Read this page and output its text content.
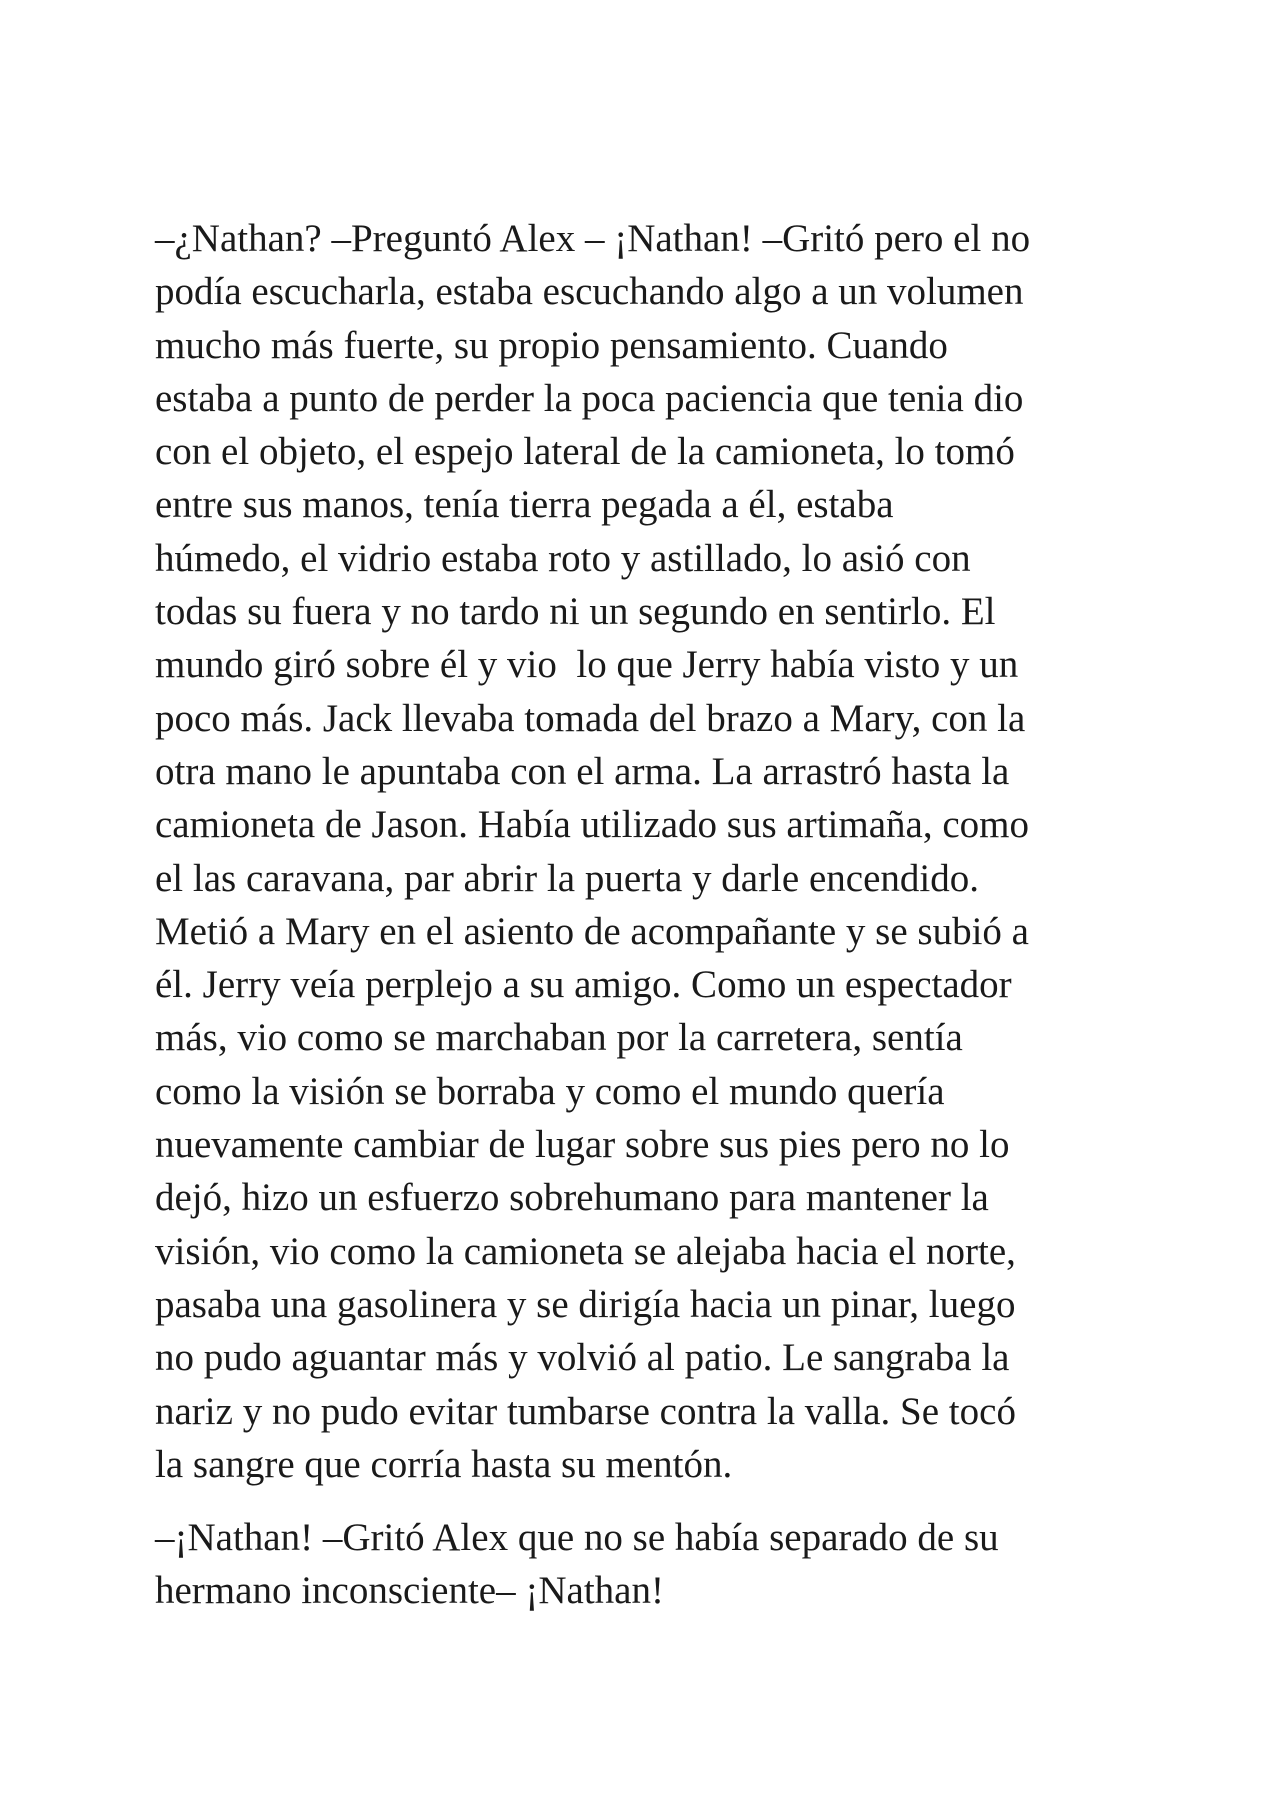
–¿Nathan? –Preguntó Alex – ¡Nathan! –Gritó pero el no
podía escucharla, estaba escuchando algo a un volumen
mucho más fuerte, su propio pensamiento. Cuando
estaba a punto de perder la poca paciencia que tenia dio
con el objeto, el espejo lateral de la camioneta, lo tomó
entre sus manos, tenía tierra pegada a él, estaba
húmedo, el vidrio estaba roto y astillado, lo asió con
todas su fuera y no tardo ni un segundo en sentirlo. El
mundo giró sobre él y vio  lo que Jerry había visto y un
poco más. Jack llevaba tomada del brazo a Mary, con la
otra mano le apuntaba con el arma. La arrastró hasta la
camioneta de Jason. Había utilizado sus artimaña, como
el las caravana, par abrir la puerta y darle encendido.
Metió a Mary en el asiento de acompañante y se subió a
él. Jerry veía perplejo a su amigo. Como un espectador
más, vio como se marchaban por la carretera, sentía
como la visión se borraba y como el mundo quería
nuevamente cambiar de lugar sobre sus pies pero no lo
dejó, hizo un esfuerzo sobrehumano para mantener la
visión, vio como la camioneta se alejaba hacia el norte,
pasaba una gasolinera y se dirigía hacia un pinar, luego
no pudo aguantar más y volvió al patio. Le sangraba la
nariz y no pudo evitar tumbarse contra la valla. Se tocó
la sangre que corría hasta su mentón.
–¡Nathan! –Gritó Alex que no se había separado de su
hermano inconsciente– ¡Nathan!
